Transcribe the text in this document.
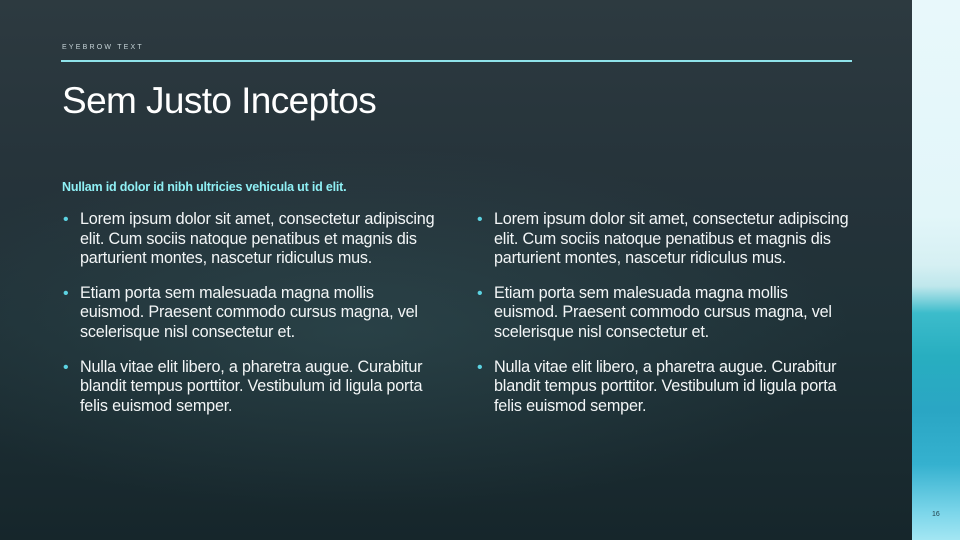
EYEBROW TEXT
Sem Justo Inceptos

Nullam id dolor id nibh ultricies vehicula ut id elit.

• Lorem ipsum dolor sit amet, consectetur adipiscing elit. Cum sociis natoque penatibus et magnis dis parturient montes, nascetur ridiculus mus.
• Etiam porta sem malesuada magna mollis euismod. Praesent commodo cursus magna, vel scelerisque nisl consectetur et.
• Nulla vitae elit libero, a pharetra augue. Curabitur blandit tempus porttitor. Vestibulum id ligula porta felis euismod semper.
• Lorem ipsum dolor sit amet, consectetur adipiscing elit. Cum sociis natoque penatibus et magnis dis parturient montes, nascetur ridiculus mus.
• Etiam porta sem malesuada magna mollis euismod. Praesent commodo cursus magna, vel scelerisque nisl consectetur et.
• Nulla vitae elit libero, a pharetra augue. Curabitur blandit tempus porttitor. Vestibulum id ligula porta felis euismod semper.
16
